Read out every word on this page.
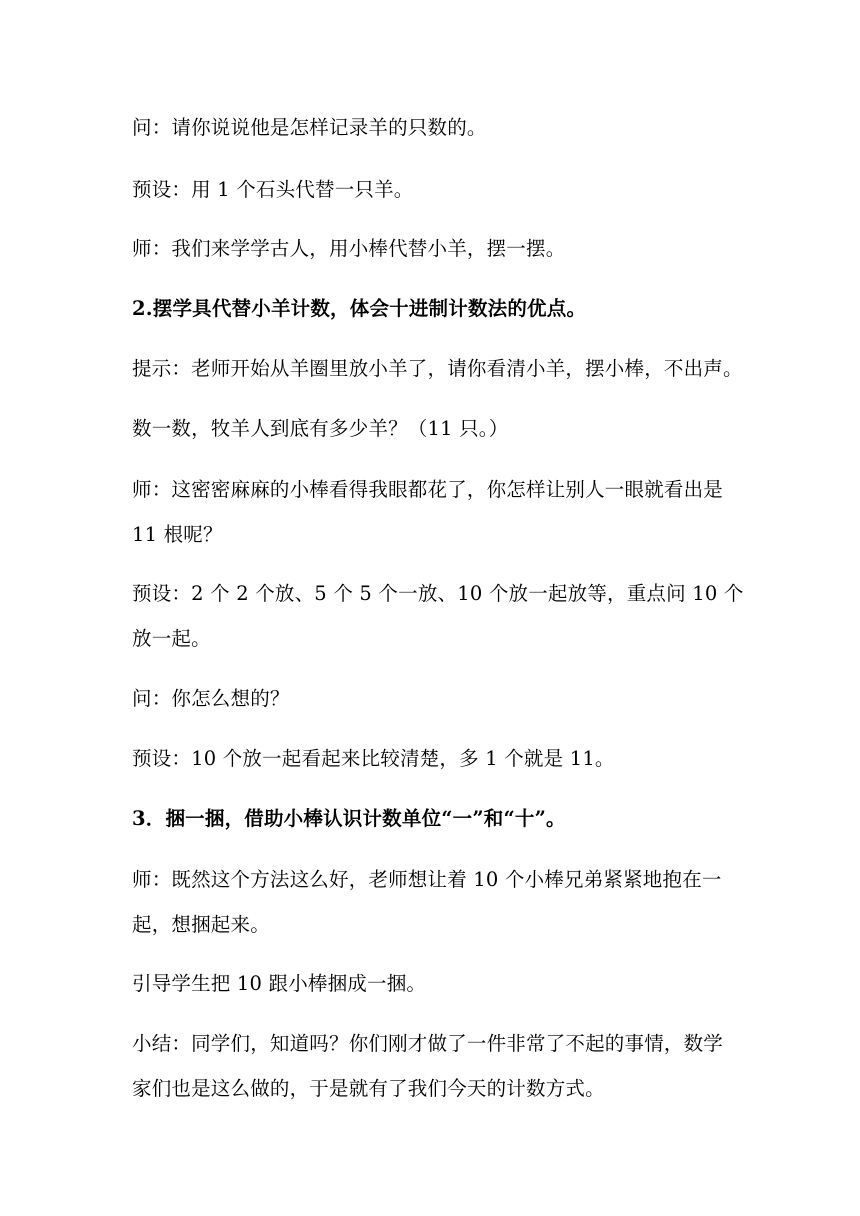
问：请你说说他是怎样记录羊的只数的。
预设：用 1 个石头代替一只羊。
师：我们来学学古人，用小棒代替小羊，摆一摆。
2.摆学具代替小羊计数，体会十进制计数法的优点。
提示：老师开始从羊圈里放小羊了，请你看清小羊，摆小棒，不出声。
数一数，牧羊人到底有多少羊？（11 只。）
师：这密密麻麻的小棒看得我眼都花了，你怎样让别人一眼就看出是
11 根呢？
预设：2 个 2 个放、5 个 5 个一放、10 个放一起放等，重点问 10 个
放一起。
问：你怎么想的？
预设：10 个放一起看起来比较清楚，多 1 个就是 11。
3．捆一捆，借助小棒认识计数单位“一”和“十”。
师：既然这个方法这么好，老师想让着 10 个小棒兄弟紧紧地抱在一
起，想捆起来。
引导学生把 10 跟小棒捆成一捆。
小结：同学们，知道吗？你们刚才做了一件非常了不起的事情，数学
家们也是这么做的，于是就有了我们今天的计数方式。
